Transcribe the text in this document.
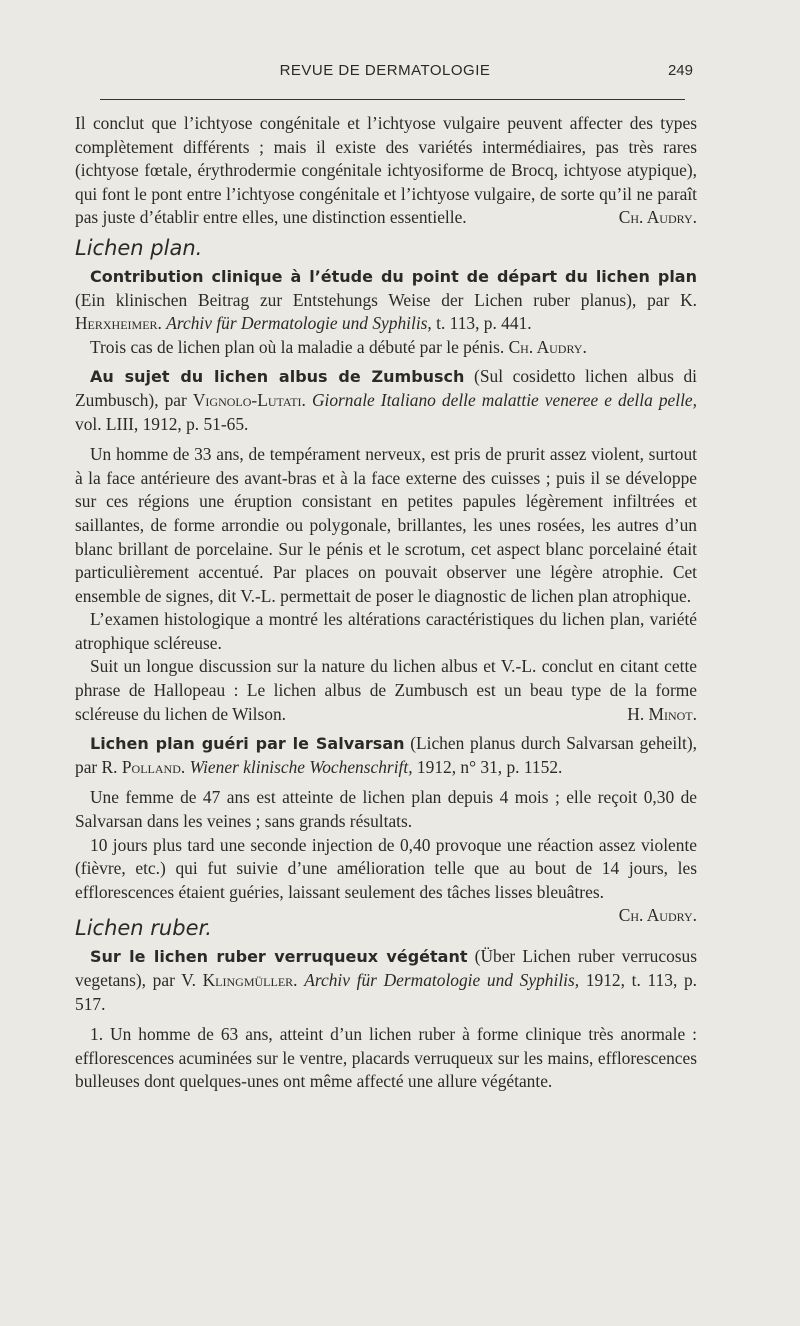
REVUE DE DERMATOLOGIE	249

Il conclut que l’ichtyose congénitale et l’ichtyose vulgaire peuvent affecter des types complètement différents ; mais il existe des variétés intermédiaires, pas très rares (ichtyose fœtale, érythrodermie congénitale ichtyosiforme de Brocq, ichtyose atypique), qui font le pont entre l’ichtyose congénitale et l’ichtyose vulgaire, de sorte qu’il ne paraît pas juste d’établir entre elles, une distinction essentielle.	Ch. Audry.

Lichen plan.

Contribution clinique à l’étude du point de départ du lichen plan (Ein klinischen Beitrag zur Entstehungs Weise der Lichen ruber planus), par K. Herxheimer. Archiv für Dermatologie und Syphilis, t. 113, p. 441.

Trois cas de lichen plan où la maladie a débuté par le pénis. Ch. Audry.

Au sujet du lichen albus de Zumbusch (Sul cosidetto lichen albus di Zumbusch), par Vignolo-Lutati. Giornale Italiano delle malattie veneree e della pelle, vol. LIII, 1912, p. 51-65.

Un homme de 33 ans, de tempérament nerveux, est pris de prurit assez violent, surtout à la face antérieure des avant-bras et à la face externe des cuisses ; puis il se développe sur ces régions une éruption consistant en petites papules légèrement infiltrées et saillantes, de forme arrondie ou polygonale, brillantes, les unes rosées, les autres d’un blanc brillant de porcelaine. Sur le pénis et le scrotum, cet aspect blanc porcelainé était particulièrement accentué. Par places on pouvait observer une légère atrophie. Cet ensemble de signes, dit V.-L. permettait de poser le diagnostic de lichen plan atrophique.

L’examen histologique a montré les altérations caractéristiques du lichen plan, variété atrophique scléreuse.

Suit un longue discussion sur la nature du lichen albus et V.-L. conclut en citant cette phrase de Hallopeau : Le lichen albus de Zumbusch est un beau type de la forme scléreuse du lichen de Wilson.	H. Minot.

Lichen plan guéri par le Salvarsan (Lichen planus durch Salvarsan geheilt), par R. Polland. Wiener klinische Wochenschrift, 1912, n° 31, p. 1152.

Une femme de 47 ans est atteinte de lichen plan depuis 4 mois ; elle reçoit 0,30 de Salvarsan dans les veines ; sans grands résultats.

10 jours plus tard une seconde injection de 0,40 provoque une réaction assez violente (fièvre, etc.) qui fut suivie d’une amélioration telle que au bout de 14 jours, les efflorescences étaient guéries, laissant seulement des tâches lisses bleuâtres.
Ch. Audry.

Lichen ruber.

Sur le lichen ruber verruqueux végétant (Über Lichen ruber verrucosus vegetans), par V. Klingmüller. Archiv für Dermatologie und Syphilis, 1912, t. 113, p. 517.

1. Un homme de 63 ans, atteint d’un lichen ruber à forme clinique très anormale : efflorescences acuminées sur le ventre, placards verruqueux sur les mains, efflorescences bulleuses dont quelques-unes ont même affecté une allure végétante.
